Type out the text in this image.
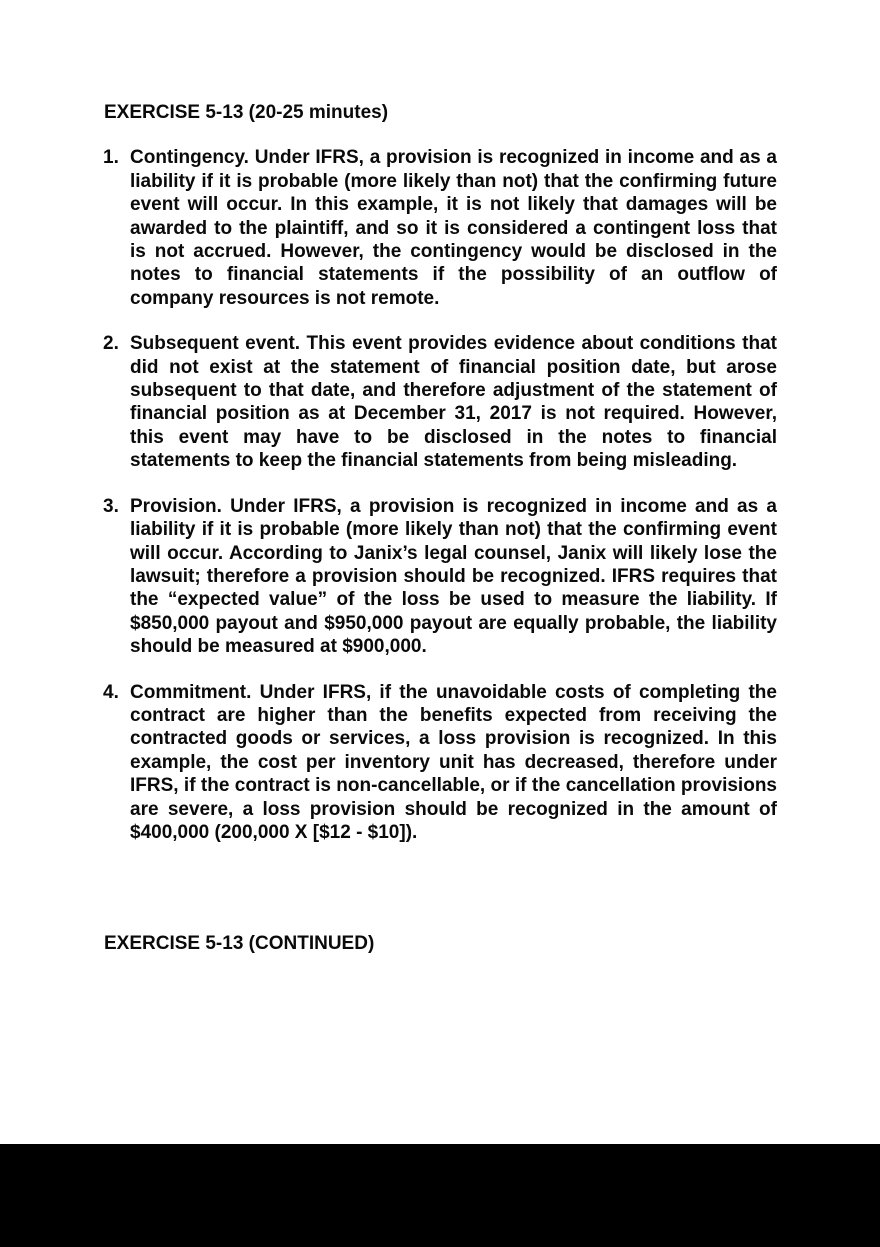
EXERCISE 5-13 (20-25 minutes)
1. Contingency. Under IFRS, a provision is recognized in income and as a liability if it is probable (more likely than not) that the confirming future event will occur. In this example, it is not likely that damages will be awarded to the plaintiff, and so it is considered a contingent loss that is not accrued. However, the contingency would be disclosed in the notes to financial statements if the possibility of an outflow of company resources is not remote.

2. Subsequent event. This event provides evidence about conditions that did not exist at the statement of financial position date, but arose subsequent to that date, and therefore adjustment of the statement of financial position as at December 31, 2017 is not required. However, this event may have to be disclosed in the notes to financial statements to keep the financial statements from being misleading.

3. Provision. Under IFRS, a provision is recognized in income and as a liability if it is probable (more likely than not) that the confirming event will occur. According to Janix’s legal counsel, Janix will likely lose the lawsuit; therefore a provision should be recognized. IFRS requires that the “expected value” of the loss be used to measure the liability. If $850,000 payout and $950,000 payout are equally probable, the liability should be measured at $900,000.

4. Commitment. Under IFRS, if the unavoidable costs of completing the contract are higher than the benefits expected from receiving the contracted goods or services, a loss provision is recognized. In this example, the cost per inventory unit has decreased, therefore under IFRS, if the contract is non-cancellable, or if the cancellation provisions are severe, a loss provision should be recognized in the amount of $400,000 (200,000 X [$12 - $10]).

EXERCISE 5-13 (CONTINUED)
